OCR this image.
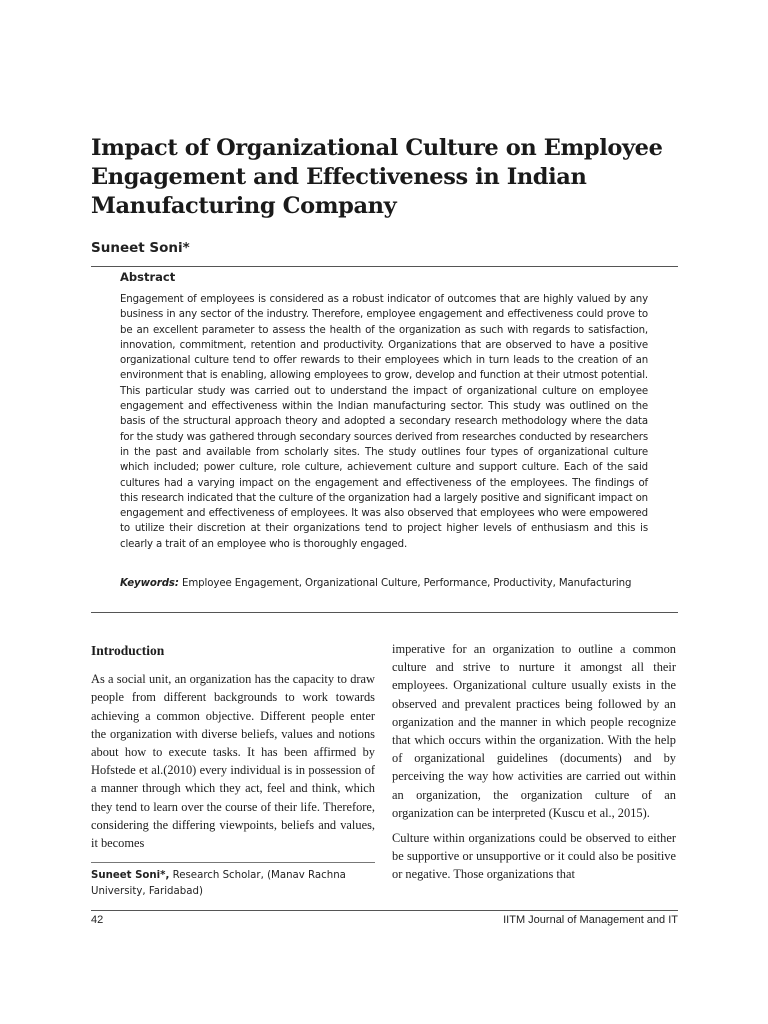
Impact of Organizational Culture on Employee Engagement and Effectiveness in Indian Manufacturing Company

Suneet Soni*

Abstract

Engagement of employees is considered as a robust indicator of outcomes that are highly valued by any business in any sector of the industry. Therefore, employee engagement and effectiveness could prove to be an excellent parameter to assess the health of the organization as such with regards to satisfaction, innovation, commitment, retention and productivity. Organizations that are observed to have a positive organizational culture tend to offer rewards to their employees which in turn leads to the creation of an environment that is enabling, allowing employees to grow, develop and function at their utmost potential. This particular study was carried out to understand the impact of organizational culture on employee engagement and effectiveness within the Indian manufacturing sector. This study was outlined on the basis of the structural approach theory and adopted a secondary research methodology where the data for the study was gathered through secondary sources derived from researches conducted by researchers in the past and available from scholarly sites. The study outlines four types of organizational culture which included; power culture, role culture, achievement culture and support culture. Each of the said cultures had a varying impact on the engagement and effectiveness of the employees. The findings of this research indicated that the culture of the organization had a largely positive and significant impact on engagement and effectiveness of employees. It was also observed that employees who were empowered to utilize their discretion at their organizations tend to project higher levels of enthusiasm and this is clearly a trait of an employee who is thoroughly engaged.

Keywords: Employee Engagement, Organizational Culture, Performance, Productivity, Manufacturing

Introduction

As a social unit, an organization has the capacity to draw people from different backgrounds to work towards achieving a common objective. Different people enter the organization with diverse beliefs, values and notions about how to execute tasks. It has been affirmed by Hofstede et al.(2010) every individual is in possession of a manner through which they act, feel and think, which they tend to learn over the course of their life. Therefore, considering the differing viewpoints, beliefs and values, it becomes

imperative for an organization to outline a common culture and strive to nurture it amongst all their employees. Organizational culture usually exists in the observed and prevalent practices being followed by an organization and the manner in which people recognize that which occurs within the organization. With the help of organizational guidelines (documents) and by perceiving the way how activities are carried out within an organization, the organization culture of an organization can be interpreted (Kuscu et al., 2015).

Culture within organizations could be observed to either be supportive or unsupportive or it could also be positive or negative. Those organizations that

Suneet Soni*, Research Scholar, (Manav Rachna University, Faridabad)

42	IITM Journal of Management and IT
